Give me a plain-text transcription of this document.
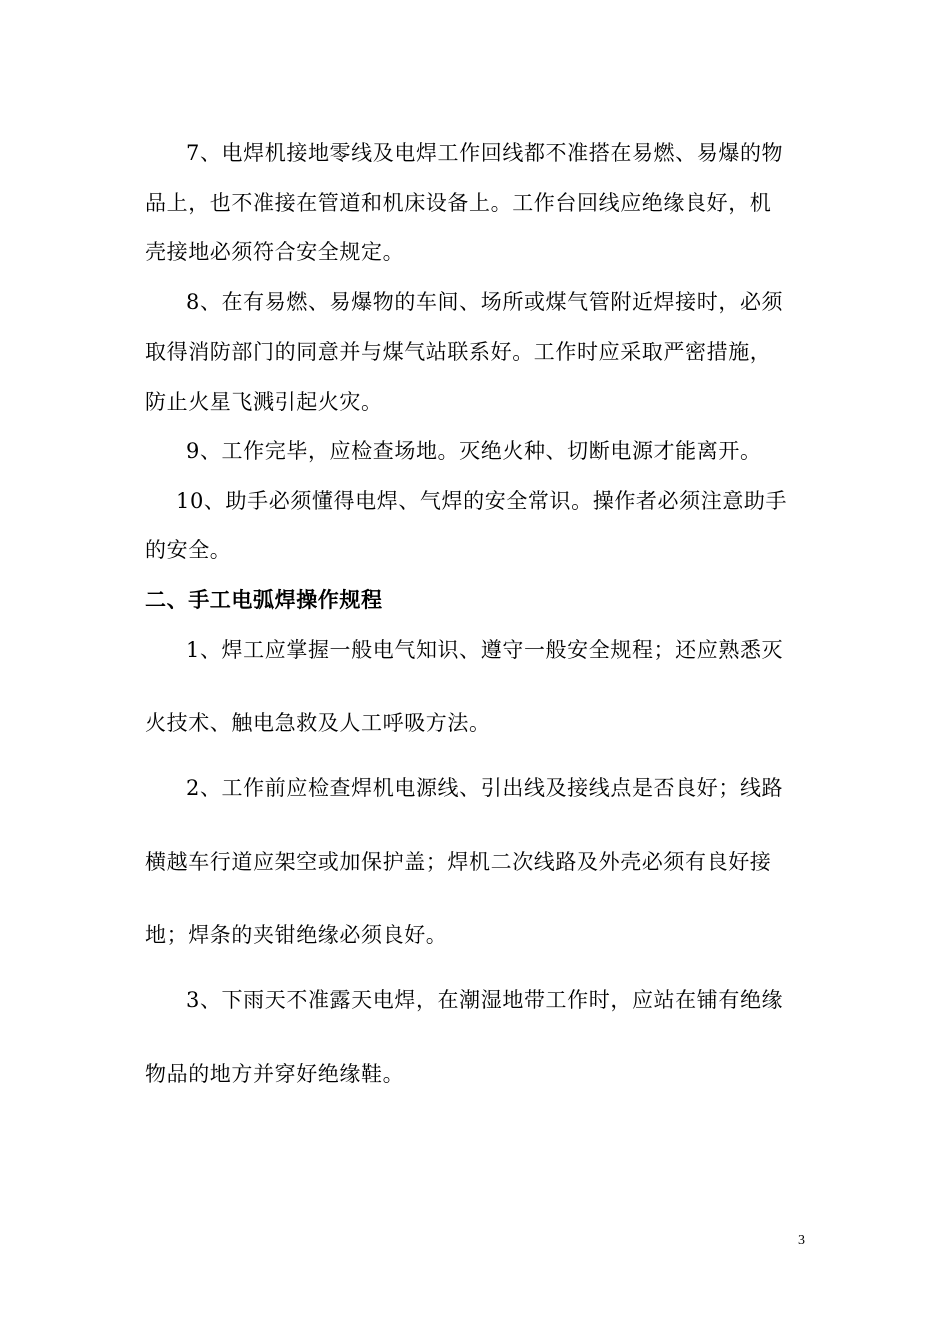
7、电焊机接地零线及电焊工作回线都不准搭在易燃、易爆的物
品上，也不准接在管道和机床设备上。工作台回线应绝缘良好，机
壳接地必须符合安全规定。
8、在有易燃、易爆物的车间、场所或煤气管附近焊接时，必须
取得消防部门的同意并与煤气站联系好。工作时应采取严密措施，
防止火星飞溅引起火灾。
9、工作完毕，应检查场地。灭绝火种、切断电源才能离开。
10、助手必须懂得电焊、气焊的安全常识。操作者必须注意助手
的安全。
二、手工电弧焊操作规程
1、焊工应掌握一般电气知识、遵守一般安全规程；还应熟悉灭
火技术、触电急救及人工呼吸方法。
2、工作前应检查焊机电源线、引出线及接线点是否良好；线路
横越车行道应架空或加保护盖；焊机二次线路及外壳必须有良好接
地；焊条的夹钳绝缘必须良好。
3、下雨天不准露天电焊，在潮湿地带工作时，应站在铺有绝缘
物品的地方并穿好绝缘鞋。
3
